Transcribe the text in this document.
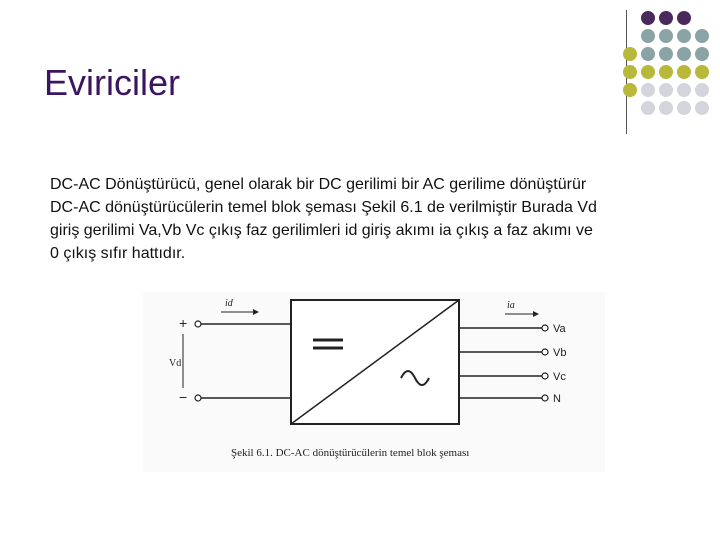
Eviriciler
DC-AC Dönüştürücü, genel olarak bir DC gerilimi bir AC gerilime dönüştürür
DC-AC dönüştürücülerin temel blok şeması Şekil 6.1 de verilmiştir Burada Vd
giriş gerilimi Va,Vb Vc çıkış faz gerilimleri id giriş akımı ia çıkış a faz akımı ve
0 çıkış sıfır hattıdır.
id
+
−
Vd
ia
Va
Vb
Vc
N
Şekil 6.1. DC-AC dönüştürücülerin temel blok şeması
